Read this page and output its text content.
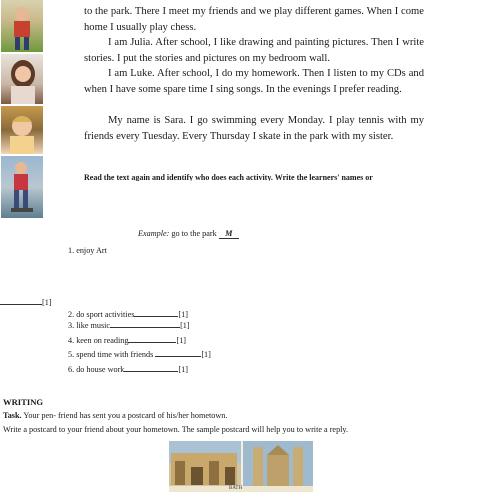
to the park. There I meet my friends and we play different games. When I come home I usually play chess.
I am Julia. After school, I like drawing and painting pictures. Then I write stories. I put the stories and pictures on my bedroom wall.
I am Luke. After school, I do my homework. Then I listen to my CDs and when I have some spare time I sing songs. In the evenings I prefer reading.
My name is Sara. I go swimming every Monday. I play tennis with my friends every Tuesday. Every Thursday I skate in the park with my sister.
Read the text again and identify who does each activity. Write the learners' names or
Example: go to the park M
1. enjoy Art
[1]
2. do sport activities	[1]
3. like music	[1]
4. keen on reading	[1]
5. spend time with friends	[1]
6. do house work	[1]
WRITING
Task. Your pen- friend has sent you a postcard of his/her hometown.
Write a postcard to your friend about your hometown. The sample postcard will help you to write a reply.
BATH
